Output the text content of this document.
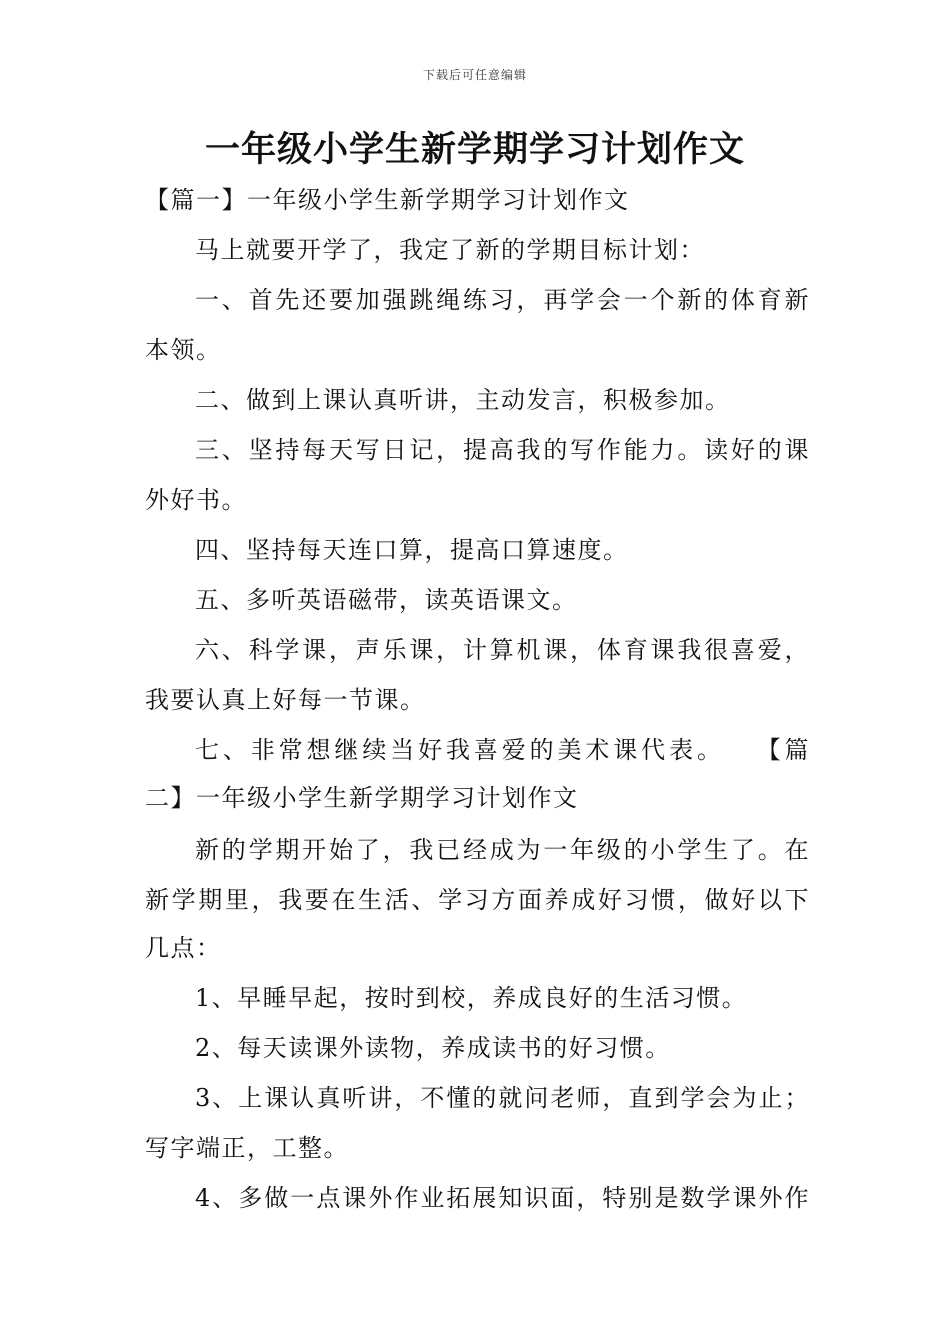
下载后可任意编辑
一年级小学生新学期学习计划作文
【篇一】一年级小学生新学期学习计划作文
马上就要开学了，我定了新的学期目标计划：
一、首先还要加强跳绳练习，再学会一个新的体育新
本领。
二、做到上课认真听讲，主动发言，积极参加。
三、坚持每天写日记，提高我的写作能力。读好的课
外好书。
四、坚持每天连口算，提高口算速度。
五、多听英语磁带，读英语课文。
六、科学课，声乐课，计算机课，体育课我很喜爱，
我要认真上好每一节课。
七、非常想继续当好我喜爱的美术课代表。　　【篇
二】一年级小学生新学期学习计划作文
新的学期开始了，我已经成为一年级的小学生了。在
新学期里，我要在生活、学习方面养成好习惯，做好以下
几点：
1、早睡早起，按时到校，养成良好的生活习惯。
2、每天读课外读物，养成读书的好习惯。
3、上课认真听讲，不懂的就问老师，直到学会为止；
写字端正，工整。
4、多做一点课外作业拓展知识面，特别是数学课外作
